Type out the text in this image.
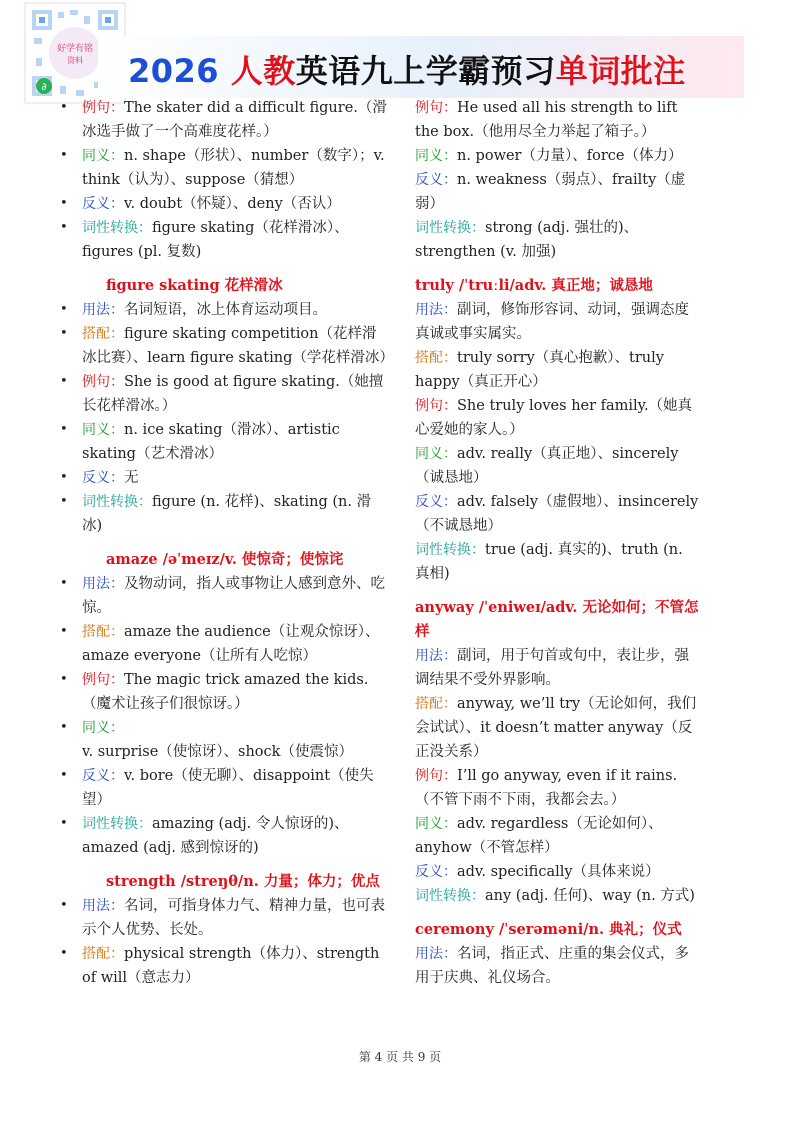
好学有铭
资料
∂	2026 人教英语九上学霸预习单词批注

• 例句：The skater did a difficult figure.（滑冰选手做了一个高难度花样。）

• 同义：n. shape（形状）、number（数字）；v. think（认为）、suppose（猜想）

• 反义：v. doubt（怀疑）、deny（否认）

• 词性转换：figure skating（花样滑冰）、figures (pl. 复数)

figure skating 花样滑冰

• 用法：名词短语，冰上体育运动项目。

• 搭配：figure skating competition（花样滑冰比赛）、learn figure skating（学花样滑冰）

• 例句：She is good at figure skating.（她擅长花样滑冰。）

• 同义：n. ice skating（滑冰）、artistic skating（艺术滑冰）

• 反义：无

• 词性转换：figure (n. 花样)、skating (n. 滑冰)

amaze /əˈmeɪz/v. 使惊奇；使惊诧

• 用法：及物动词，指人或事物让人感到意外、吃惊。

• 搭配：amaze the audience（让观众惊讶）、amaze everyone（让所有人吃惊）

• 例句：The magic trick amazed the kids.（魔术让孩子们很惊讶。）

• 同义：v. surprise（使惊讶）、shock（使震惊）

• 反义：v. bore（使无聊）、disappoint（使失望）

• 词性转换：amazing (adj. 令人惊讶的)、amazed (adj. 感到惊讶的)

strength /streŋθ/n. 力量；体力；优点

• 用法：名词，可指身体力气、精神力量，也可表示个人优势、长处。

• 搭配：physical strength（体力）、strength of will（意志力）

例句：He used all his strength to lift the box.（他用尽全力举起了箱子。）

同义：n. power（力量）、force（体力）

反义：n. weakness（弱点）、frailty（虚弱）

词性转换：strong (adj. 强壮的)、strengthen (v. 加强)

truly /ˈtruːli/adv. 真正地；诚恳地

用法：副词，修饰形容词、动词，强调态度真诚或事实属实。

搭配：truly sorry（真心抱歉）、truly happy（真正开心）

例句：She truly loves her family.（她真心爱她的家人。）

同义：adv. really（真正地）、sincerely（诚恳地）

反义：adv. falsely（虚假地）、insincerely（不诚恳地）

词性转换：true (adj. 真实的)、truth (n. 真相)

anyway /ˈeniweɪ/adv. 无论如何；不管怎样

用法：副词，用于句首或句中，表让步，强调结果不受外界影响。

搭配：anyway, we’ll try（无论如何，我们会试试）、it doesn’t matter anyway（反正没关系）

例句：I’ll go anyway, even if it rains.（不管下雨不下雨，我都会去。）

同义：adv. regardless（无论如何）、anyhow（不管怎样）

反义：adv. specifically（具体来说）

词性转换：any (adj. 任何)、way (n. 方式)

ceremony /ˈserəməni/n. 典礼；仪式

用法：名词，指正式、庄重的集会仪式，多用于庆典、礼仪场合。

第 4 页 共 9 页
